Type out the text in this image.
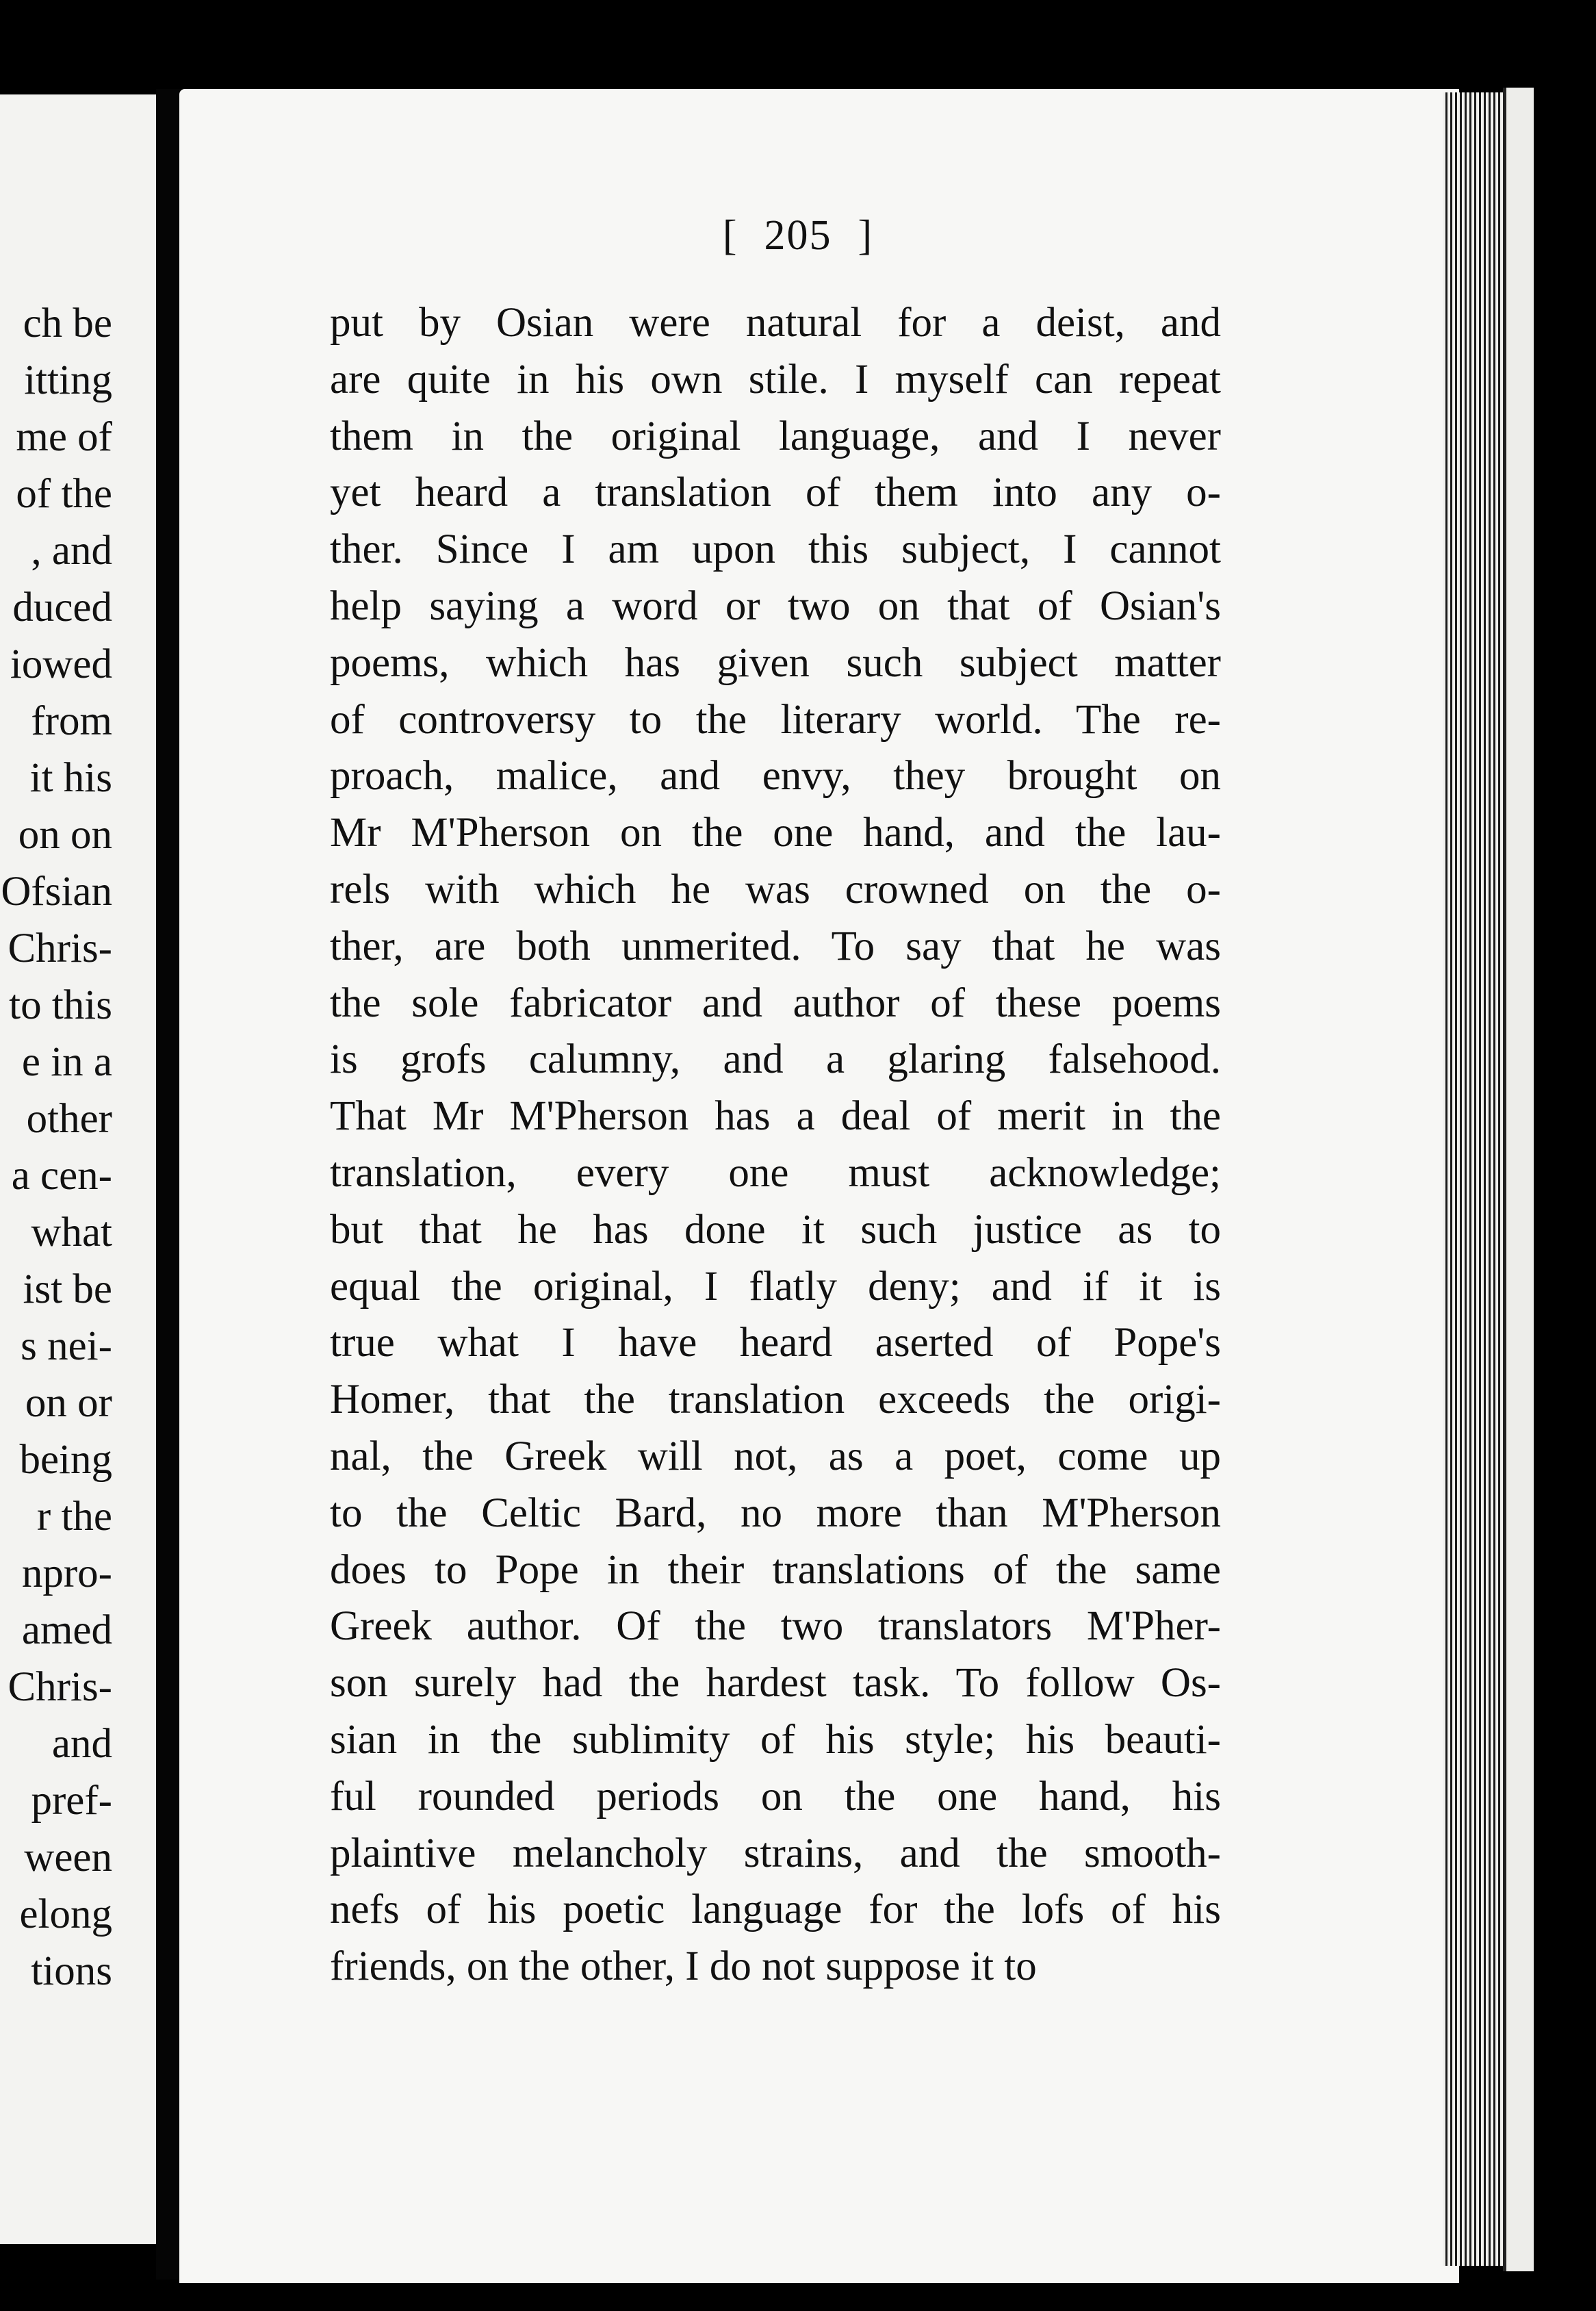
ch be
itting
me of
of the
, and
duced
iowed
from
it his
on on
Ofsian
Chris-
to this
e in a
other
a cen-
what
ist be
s nei-
on or
being
r the
npro-
amed
Chris-
and
pref-
ween
elong
tions
[ 205 ]
put by Osian were natural for a deist, and
are quite in his own stile. I myself can repeat
them in the original language, and I never
yet heard a translation of them into any o-
ther. Since I am upon this subject, I cannot
help saying a word or two on that of Osian's
poems, which has given such subject matter
of controversy to the literary world. The re-
proach, malice, and envy, they brought on
Mr M'Pherson on the one hand, and the lau-
rels with which he was crowned on the o-
ther, are both unmerited. To say that he was
the sole fabricator and author of these poems
is grofs calumny, and a glaring falsehood.
That Mr M'Pherson has a deal of merit in the
translation, every one must acknowledge;
but that he has done it such justice as to
equal the original, I flatly deny; and if it is
true what I have heard aserted of Pope's
Homer, that the translation exceeds the origi-
nal, the Greek will not, as a poet, come up
to the Celtic Bard, no more than M'Pherson
does to Pope in their translations of the same
Greek author. Of the two translators M'Pher-
son surely had the hardest task. To follow Os-
sian in the sublimity of his style; his beauti-
ful rounded periods on the one hand, his
plaintive melancholy strains, and the smooth-
nefs of his poetic language for the lofs of his
friends, on the other, I do not suppose it to
